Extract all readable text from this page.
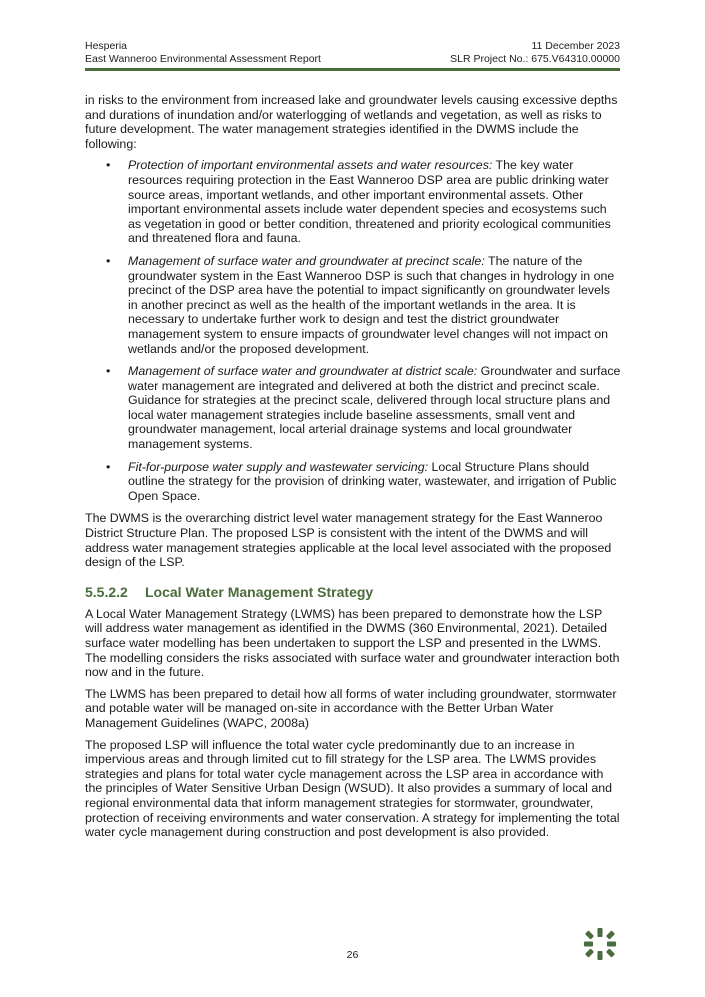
Hesperia
East Wanneroo Environmental Assessment Report
11 December 2023
SLR Project No.: 675.V64310.00000

in risks to the environment from increased lake and groundwater levels causing excessive depths and durations of inundation and/or waterlogging of wetlands and vegetation, as well as risks to future development. The water management strategies identified in the DWMS include the following:

• Protection of important environmental assets and water resources: The key water resources requiring protection in the East Wanneroo DSP area are public drinking water source areas, important wetlands, and other important environmental assets. Other important environmental assets include water dependent species and ecosystems such as vegetation in good or better condition, threatened and priority ecological communities and threatened flora and fauna.
• Management of surface water and groundwater at precinct scale: The nature of the groundwater system in the East Wanneroo DSP is such that changes in hydrology in one precinct of the DSP area have the potential to impact significantly on groundwater levels in another precinct as well as the health of the important wetlands in the area. It is necessary to undertake further work to design and test the district groundwater management system to ensure impacts of groundwater level changes will not impact on wetlands and/or the proposed development.
• Management of surface water and groundwater at district scale: Groundwater and surface water management are integrated and delivered at both the district and precinct scale. Guidance for strategies at the precinct scale, delivered through local structure plans and local water management strategies include baseline assessments, small vent and groundwater management, local arterial drainage systems and local groundwater management systems.
• Fit-for-purpose water supply and wastewater servicing: Local Structure Plans should outline the strategy for the provision of drinking water, wastewater, and irrigation of Public Open Space.

The DWMS is the overarching district level water management strategy for the East Wanneroo District Structure Plan. The proposed LSP is consistent with the intent of the DWMS and will address water management strategies applicable at the local level associated with the proposed design of the LSP.

5.5.2.2 Local Water Management Strategy

A Local Water Management Strategy (LWMS) has been prepared to demonstrate how the LSP will address water management as identified in the DWMS (360 Environmental, 2021). Detailed surface water modelling has been undertaken to support the LSP and presented in the LWMS. The modelling considers the risks associated with surface water and groundwater interaction both now and in the future.

The LWMS has been prepared to detail how all forms of water including groundwater, stormwater and potable water will be managed on-site in accordance with the Better Urban Water Management Guidelines (WAPC, 2008a)

The proposed LSP will influence the total water cycle predominantly due to an increase in impervious areas and through limited cut to fill strategy for the LSP area. The LWMS provides strategies and plans for total water cycle management across the LSP area in accordance with the principles of Water Sensitive Urban Design (WSUD). It also provides a summary of local and regional environmental data that inform management strategies for stormwater, groundwater, protection of receiving environments and water conservation. A strategy for implementing the total water cycle management during construction and post development is also provided.

26
